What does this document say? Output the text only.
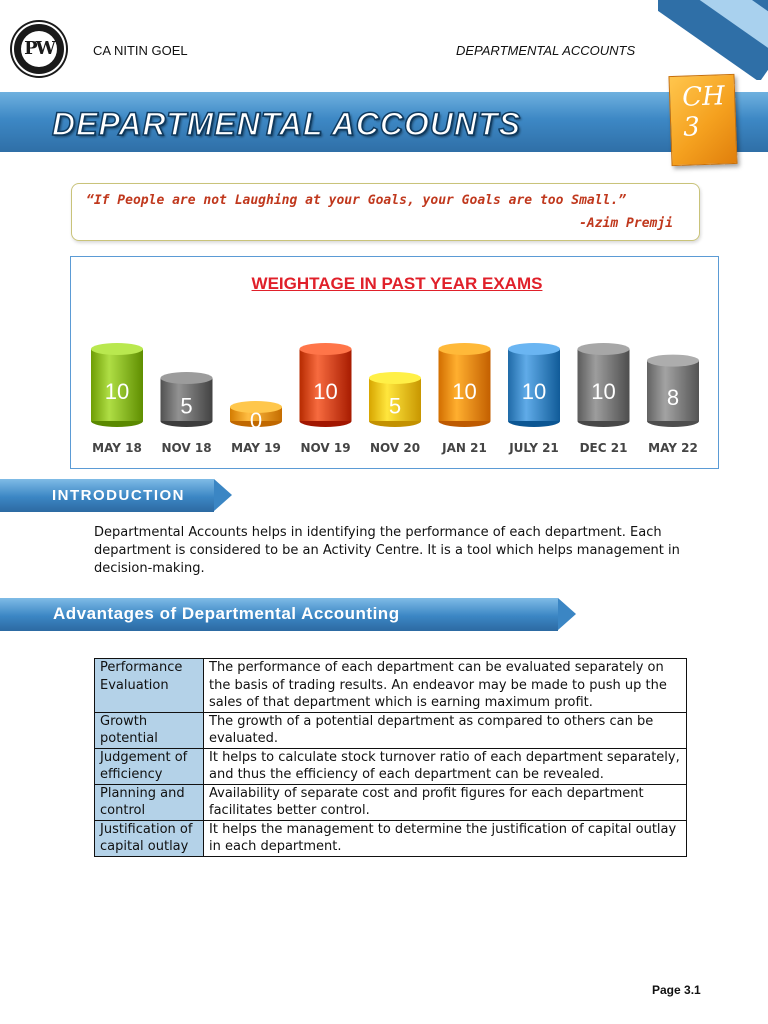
PW	CA NITIN GOEL	DEPARTMENTAL ACCOUNTS
DEPARTMENTAL ACCOUNTS
CH
3
“If People are not Laughing at your Goals, your Goals are too Small.”
-Azim Premji
WEIGHTAGE IN PAST YEAR EXAMS
10
MAY 18
5
NOV 18
0
MAY 19
10
NOV 19
5
NOV 20
10
JAN 21
10
JULY 21
10
DEC 21
8
MAY 22
INTRODUCTION

Departmental Accounts helps in identifying the performance of each department. Each department is considered to be an Activity Centre. It is a tool which helps management in decision-making.

Advantages of Departmental Accounting
Performance Evaluation	The performance of each department can be evaluated separately on the basis of trading results. An endeavor may be made to push up the sales of that department which is earning maximum profit.
Growth potential	The growth of a potential department as compared to others can be evaluated.
Judgement of efficiency	It helps to calculate stock turnover ratio of each department separately, and thus the efficiency of each department can be revealed.
Planning and control	Availability of separate cost and profit figures for each department facilitates better control.
Justification of capital outlay	It helps the management to determine the justification of capital outlay in each department.
Page 3.1
